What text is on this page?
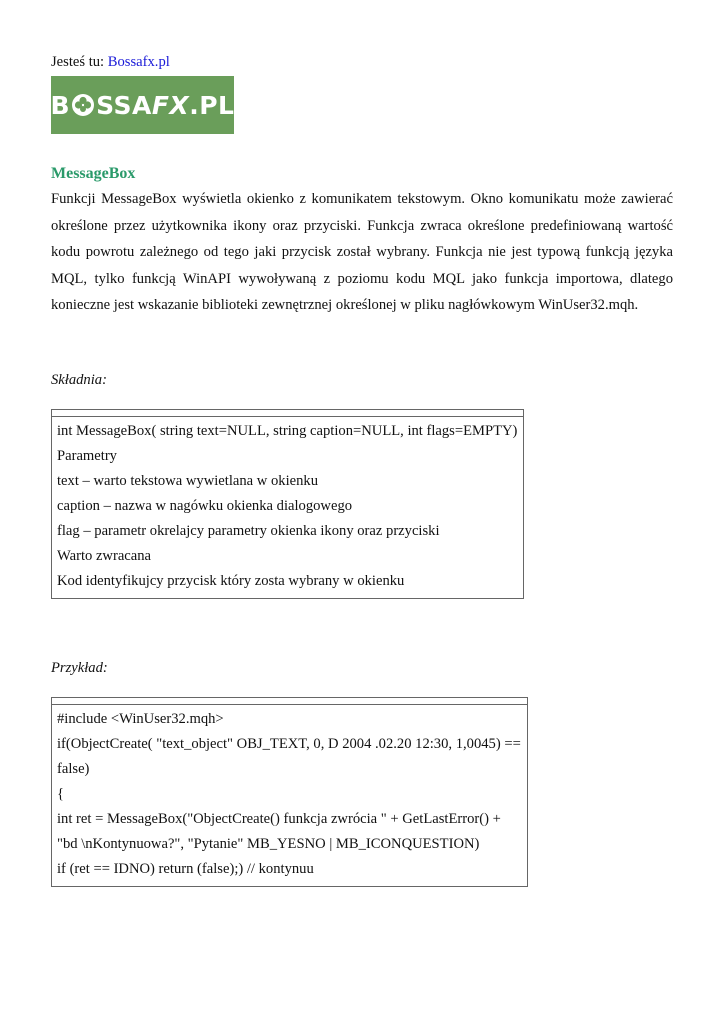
Jesteś tu: Bossafx.pl
B SSA FX .PL
MessageBox
Funkcji MessageBox wyświetla okienko z komunikatem tekstowym. Okno komunikatu może zawierać określone przez użytkownika ikony oraz przyciski. Funkcja zwraca określone predefiniowaną wartość kodu powrotu zależnego od tego jaki przycisk został wybrany. Funkcja nie jest typową funkcją języka MQL, tylko funkcją WinAPI wywoływaną z poziomu kodu MQL jako funkcja importowa, dlatego konieczne jest wskazanie biblioteki zewnętrznej określonej w pliku nagłówkowym WinUser32.mqh.
Składnia:
int MessageBox( string text=NULL, string caption=NULL, int flags=EMPTY)
Parametry
text – warto tekstowa wywietlana w okienku
caption – nazwa w nagówku okienka dialogowego
flag – parametr okrelajcy parametry okienka ikony oraz przyciski
Warto zwracana
Kod identyfikujcy przycisk który zosta wybrany w okienku
Przykład:
#include <WinUser32.mqh>
if(ObjectCreate( "text_object" OBJ_TEXT, 0, D 2004 .02.20 12:30, 1,0045) ==
false)
{
int ret = MessageBox("ObjectCreate() funkcja zwrócia " + GetLastError() +
"bd \nKontynuowa?", "Pytanie" MB_YESNO | MB_ICONQUESTION)
if (ret == IDNO) return (false);) // kontynuu
